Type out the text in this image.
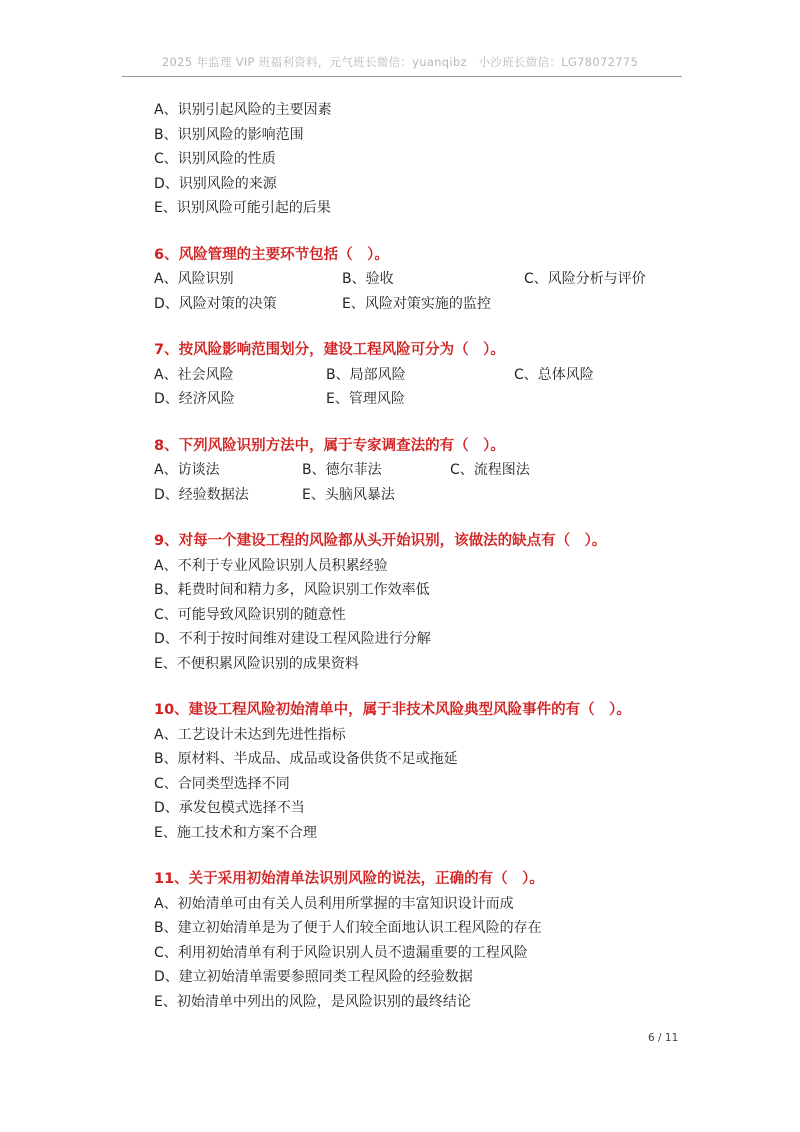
2025 年监理 VIP 班福利资料，元气班长微信：yuanqibz　小沙班长微信：LG78072775
A、识别引起风险的主要因素
B、识别风险的影响范围
C、识别风险的性质
D、识别风险的来源
E、识别风险可能引起的后果
6、风险管理的主要环节包括（　）。
A、风险识别	B、验收	C、风险分析与评价
D、风险对策的决策	E、风险对策实施的监控
7、按风险影响范围划分，建设工程风险可分为（　）。
A、社会风险	B、局部风险	C、总体风险
D、经济风险	E、管理风险
8、下列风险识别方法中，属于专家调查法的有（　）。
A、访谈法	B、德尔菲法	C、流程图法
D、经验数据法	E、头脑风暴法
9、对每一个建设工程的风险都从头开始识别，该做法的缺点有（　）。
A、不利于专业风险识别人员积累经验
B、耗费时间和精力多，风险识别工作效率低
C、可能导致风险识别的随意性
D、不利于按时间维对建设工程风险进行分解
E、不便积累风险识别的成果资料
10、建设工程风险初始清单中，属于非技术风险典型风险事件的有（　）。
A、工艺设计未达到先进性指标
B、原材料、半成品、成品或设备供货不足或拖延
C、合同类型选择不同
D、承发包模式选择不当
E、施工技术和方案不合理
11、关于采用初始清单法识别风险的说法，正确的有（　）。
A、初始清单可由有关人员利用所掌握的丰富知识设计而成
B、建立初始清单是为了便于人们较全面地认识工程风险的存在
C、利用初始清单有利于风险识别人员不遗漏重要的工程风险
D、建立初始清单需要参照同类工程风险的经验数据
E、初始清单中列出的风险，是风险识别的最终结论
6 / 11
